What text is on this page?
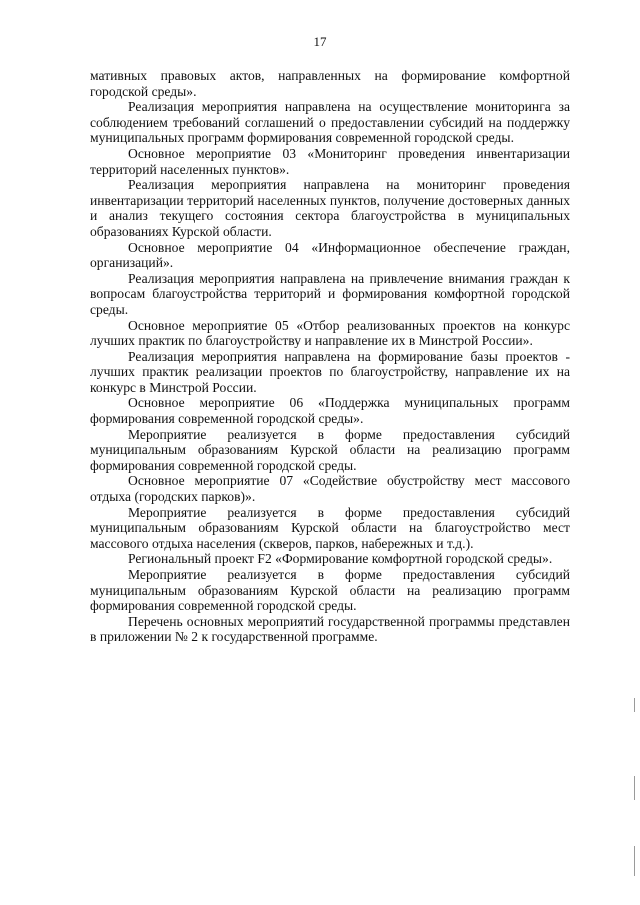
17

мативных правовых актов, направленных на формирование комфортной городской среды».

Реализация мероприятия направлена на осуществление мониторинга за соблюдением требований соглашений о предоставлении субсидий на поддержку муниципальных программ формирования современной городской среды.

Основное мероприятие 03 «Мониторинг проведения инвентаризации территорий населенных пунктов».

Реализация мероприятия направлена на мониторинг проведения инвентаризации территорий населенных пунктов, получение достоверных данных и анализ текущего состояния сектора благоустройства в муниципальных образованиях Курской области.

Основное мероприятие 04 «Информационное обеспечение граждан, организаций».

Реализация мероприятия направлена на привлечение внимания граждан к вопросам благоустройства территорий и формирования комфортной городской среды.

Основное мероприятие 05 «Отбор реализованных проектов на конкурс лучших практик по благоустройству и направление их в Минстрой России».

Реализация мероприятия направлена на формирование базы проектов - лучших практик реализации проектов по благоустройству, направление их на конкурс в Минстрой России.

Основное мероприятие 06 «Поддержка муниципальных программ формирования современной городской среды».

Мероприятие реализуется в форме предоставления субсидий муниципальным образованиям Курской области на реализацию программ формирования современной городской среды.

Основное мероприятие 07 «Содействие обустройству мест массового отдыха (городских парков)».

Мероприятие реализуется в форме предоставления субсидий муниципальным образованиям Курской области на благоустройство мест массового отдыха населения (скверов, парков, набережных и т.д.).

Региональный проект F2 «Формирование комфортной городской среды».

Мероприятие реализуется в форме предоставления субсидий муниципальным образованиям Курской области на реализацию программ формирования современной городской среды.

Перечень основных мероприятий государственной программы представлен в приложении № 2 к государственной программе.
